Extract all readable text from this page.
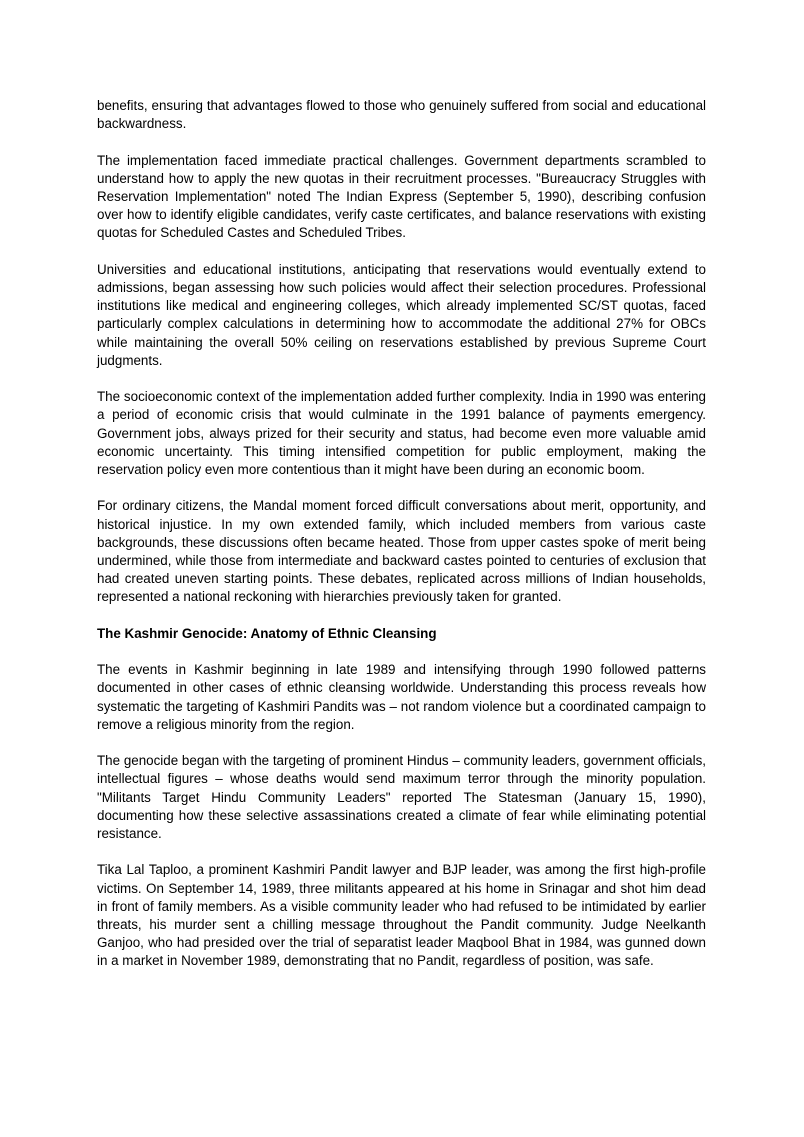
benefits, ensuring that advantages flowed to those who genuinely suffered from social and educational backwardness.

The implementation faced immediate practical challenges. Government departments scrambled to understand how to apply the new quotas in their recruitment processes. "Bureaucracy Struggles with Reservation Implementation" noted The Indian Express (September 5, 1990), describing confusion over how to identify eligible candidates, verify caste certificates, and balance reservations with existing quotas for Scheduled Castes and Scheduled Tribes.

Universities and educational institutions, anticipating that reservations would eventually extend to admissions, began assessing how such policies would affect their selection procedures. Professional institutions like medical and engineering colleges, which already implemented SC/ST quotas, faced particularly complex calculations in determining how to accommodate the additional 27% for OBCs while maintaining the overall 50% ceiling on reservations established by previous Supreme Court judgments.

The socioeconomic context of the implementation added further complexity. India in 1990 was entering a period of economic crisis that would culminate in the 1991 balance of payments emergency. Government jobs, always prized for their security and status, had become even more valuable amid economic uncertainty. This timing intensified competition for public employment, making the reservation policy even more contentious than it might have been during an economic boom.

For ordinary citizens, the Mandal moment forced difficult conversations about merit, opportunity, and historical injustice. In my own extended family, which included members from various caste backgrounds, these discussions often became heated. Those from upper castes spoke of merit being undermined, while those from intermediate and backward castes pointed to centuries of exclusion that had created uneven starting points. These debates, replicated across millions of Indian households, represented a national reckoning with hierarchies previously taken for granted.

The Kashmir Genocide: Anatomy of Ethnic Cleansing

The events in Kashmir beginning in late 1989 and intensifying through 1990 followed patterns documented in other cases of ethnic cleansing worldwide. Understanding this process reveals how systematic the targeting of Kashmiri Pandits was – not random violence but a coordinated campaign to remove a religious minority from the region.

The genocide began with the targeting of prominent Hindus – community leaders, government officials, intellectual figures – whose deaths would send maximum terror through the minority population. "Militants Target Hindu Community Leaders" reported The Statesman (January 15, 1990), documenting how these selective assassinations created a climate of fear while eliminating potential resistance.

Tika Lal Taploo, a prominent Kashmiri Pandit lawyer and BJP leader, was among the first high-profile victims. On September 14, 1989, three militants appeared at his home in Srinagar and shot him dead in front of family members. As a visible community leader who had refused to be intimidated by earlier threats, his murder sent a chilling message throughout the Pandit community. Judge Neelkanth Ganjoo, who had presided over the trial of separatist leader Maqbool Bhat in 1984, was gunned down in a market in November 1989, demonstrating that no Pandit, regardless of position, was safe.
